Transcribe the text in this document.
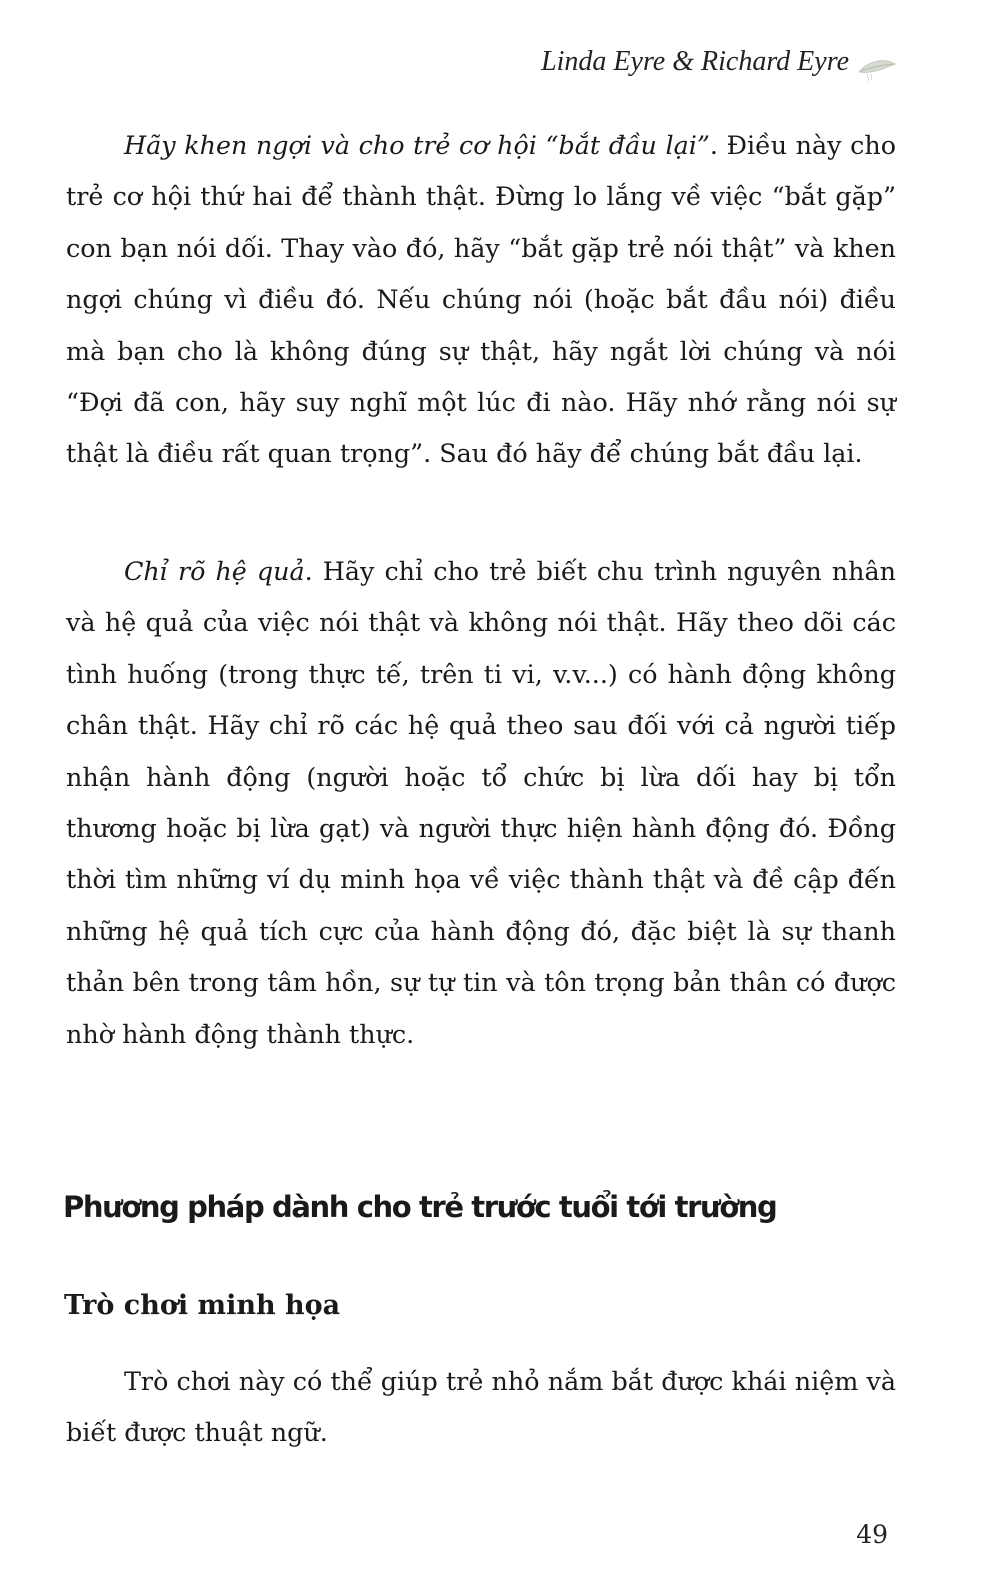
Linda Eyre & Richard Eyre

Hãy khen ngợi và cho trẻ cơ hội “bắt đầu lại”. Điều này cho trẻ cơ hội thứ hai để thành thật. Đừng lo lắng về việc “bắt gặp” con bạn nói dối. Thay vào đó, hãy “bắt gặp trẻ nói thật” và khen ngợi chúng vì điều đó. Nếu chúng nói (hoặc bắt đầu nói) điều mà bạn cho là không đúng sự thật, hãy ngắt lời chúng và nói “Đợi đã con, hãy suy nghĩ một lúc đi nào. Hãy nhớ rằng nói sự thật là điều rất quan trọng”. Sau đó hãy để chúng bắt đầu lại.

Chỉ rõ hệ quả. Hãy chỉ cho trẻ biết chu trình nguyên nhân và hệ quả của việc nói thật và không nói thật. Hãy theo dõi các tình huống (trong thực tế, trên ti vi, v.v...) có hành động không chân thật. Hãy chỉ rõ các hệ quả theo sau đối với cả người tiếp nhận hành động (người hoặc tổ chức bị lừa dối hay bị tổn thương hoặc bị lừa gạt) và người thực hiện hành động đó. Đồng thời tìm những ví dụ minh họa về việc thành thật và đề cập đến những hệ quả tích cực của hành động đó, đặc biệt là sự thanh thản bên trong tâm hồn, sự tự tin và tôn trọng bản thân có được nhờ hành động thành thực.

Phương pháp dành cho trẻ trước tuổi tới trường
Trò chơi minh họa

Trò chơi này có thể giúp trẻ nhỏ nắm bắt được khái niệm và biết được thuật ngữ.

49
